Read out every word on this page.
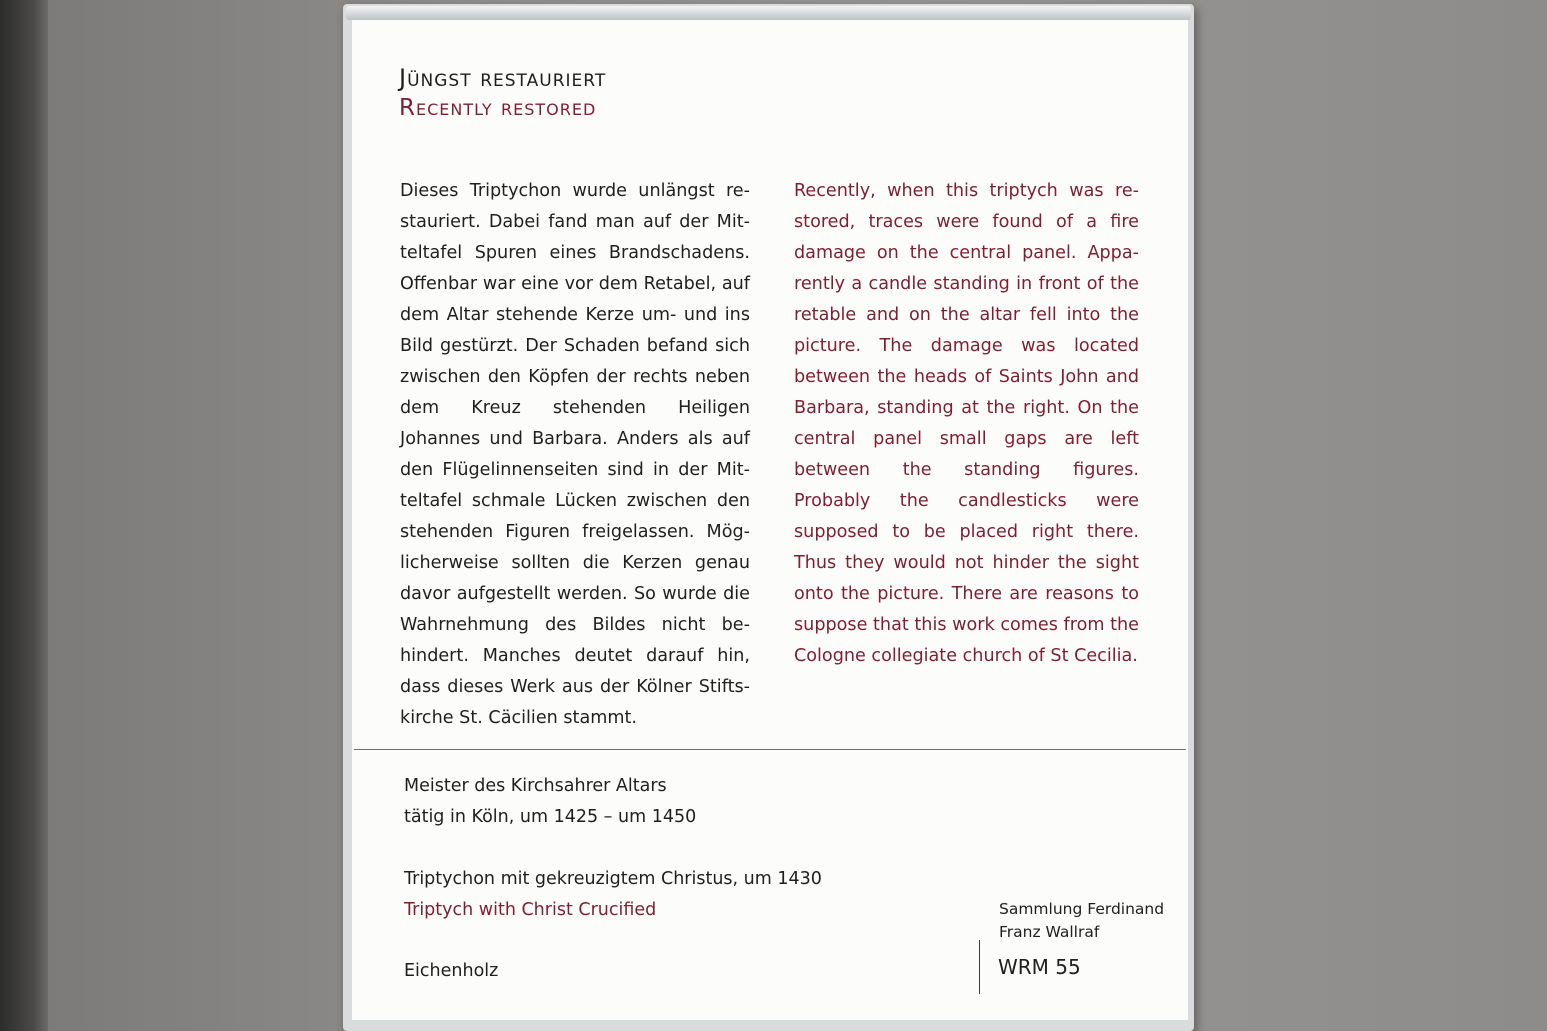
Jüngst restauriert
Recently restored

Dieses Triptychon wurde unlängst restauriert. Dabei fand man auf der Mitteltafel Spuren eines Brandschadens. Offenbar war eine vor dem Retabel, auf dem Altar stehende Kerze um- und ins Bild gestürzt. Der Schaden befand sich zwischen den Köpfen der rechts neben dem Kreuz stehenden Heiligen Johannes und Barbara. Anders als auf den Flügelinnenseiten sind in der Mitteltafel schmale Lücken zwischen den stehenden Figuren freigelassen. Möglicherweise sollten die Kerzen genau davor aufgestellt werden. So wurde die Wahrnehmung des Bildes nicht behindert. Manches deutet darauf hin, dass dieses Werk aus der Kölner Stiftskirche St. Cäcilien stammt.

Recently, when this triptych was restored, traces were found of a fire damage on the central panel. Apparently a candle standing in front of the retable and on the altar fell into the picture. The damage was located between the heads of Saints John and Barbara, standing at the right. On the central panel small gaps are left between the standing figures. Probably the candlesticks were supposed to be placed right there. Thus they would not hinder the sight onto the picture. There are reasons to suppose that this work comes from the Cologne collegiate church of St Cecilia.

Meister des Kirchsahrer Altars

tätig in Köln, um 1425 – um 1450

Triptychon mit gekreuzigtem Christus, um 1430

Triptych with Christ Crucified

Eichenholz

Sammlung Ferdinand
Franz Wallraf

WRM 55
